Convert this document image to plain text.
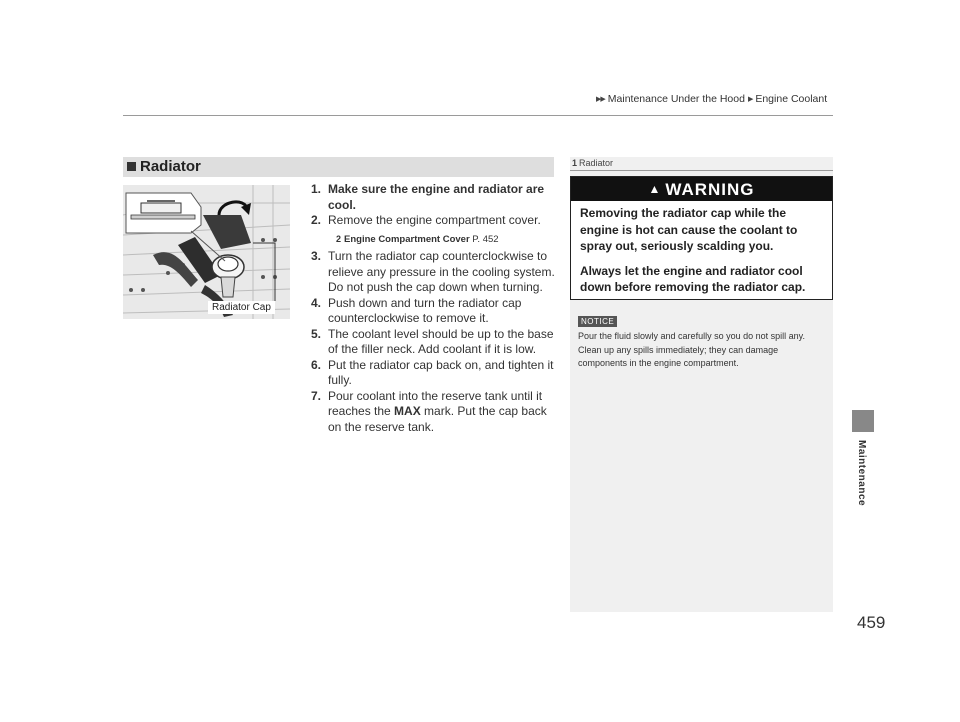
▶▶ Maintenance Under the Hood ▶ Engine Coolant
Radiator
Radiator Cap
1. Make sure the engine and radiator are cool.
2. Remove the engine compartment cover.
2 Engine Compartment Cover P. 452
3. Turn the radiator cap counterclockwise to relieve any pressure in the cooling system. Do not push the cap down when turning.
4. Push down and turn the radiator cap counterclockwise to remove it.
5. The coolant level should be up to the base of the filler neck. Add coolant if it is low.
6. Put the radiator cap back on, and tighten it fully.
7. Pour coolant into the reserve tank until it reaches the MAX mark. Put the cap back on the reserve tank.
1 Radiator
▲ WARNING

Removing the radiator cap while the engine is hot can cause the coolant to spray out, seriously scalding you.

Always let the engine and radiator cool down before removing the radiator cap.

NOTICE
Pour the fluid slowly and carefully so you do not spill any. Clean up any spills immediately; they can damage components in the engine compartment.
Maintenance
459
